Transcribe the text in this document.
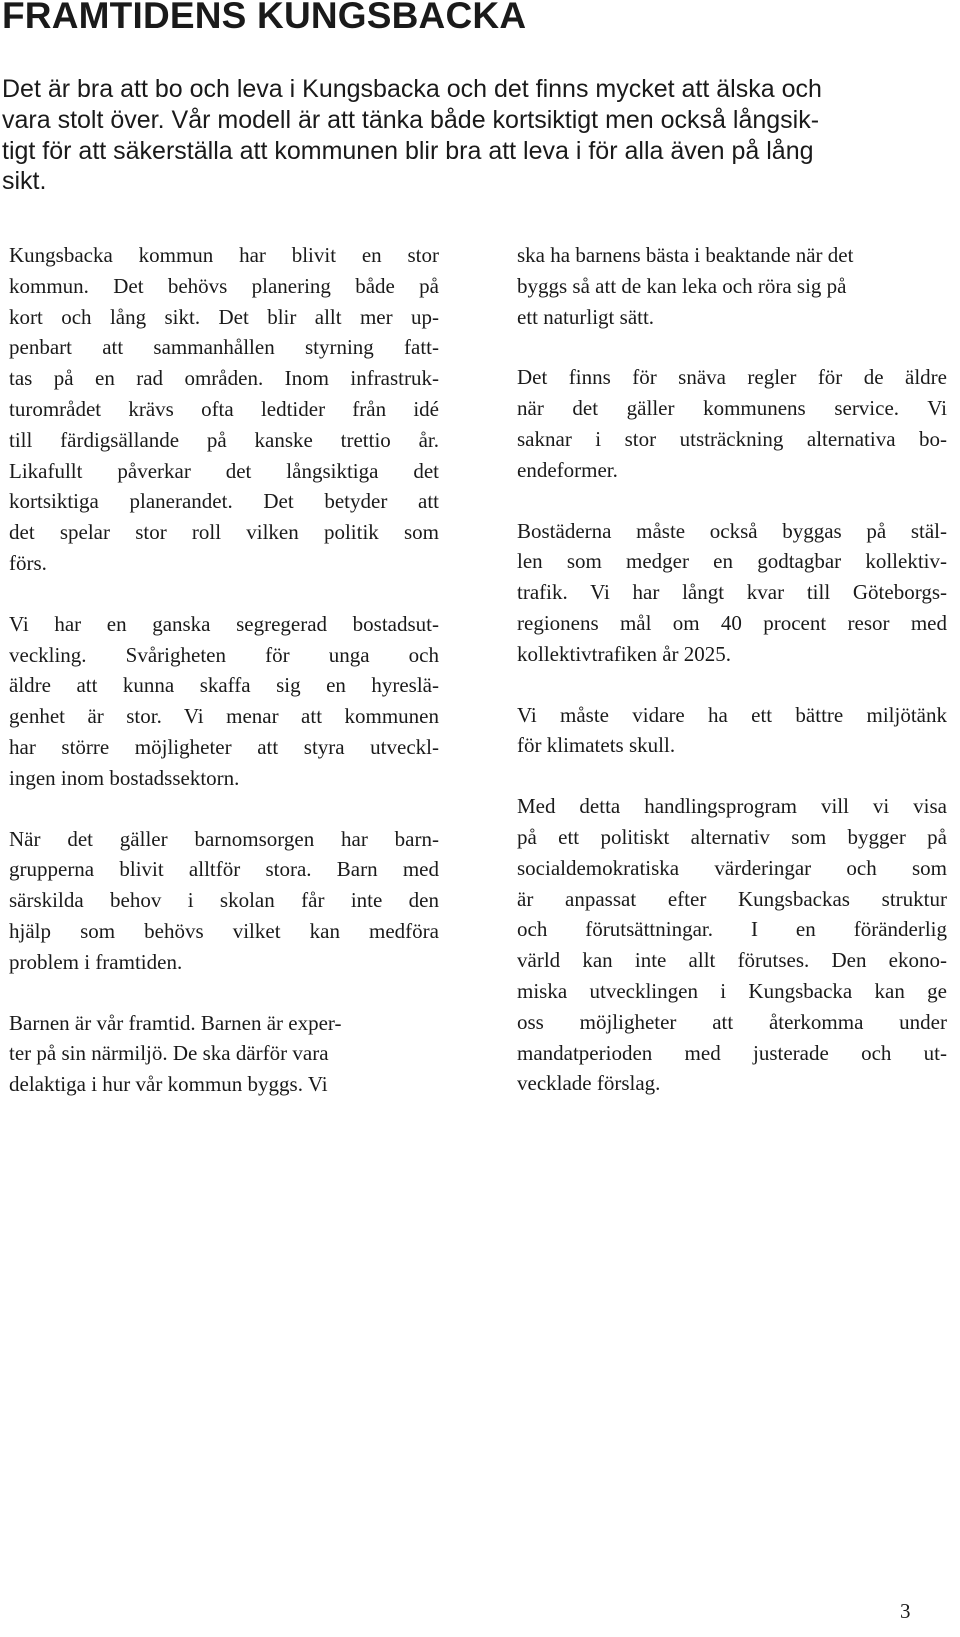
FRAMTIDENS KUNGSBACKA
Det är bra att bo och leva i Kungsbacka och det finns mycket att älska och
vara stolt över. Vår modell är att tänka både kortsiktigt men också långsik-
tigt för att säkerställa att kommunen blir bra att leva i för alla även på lång
sikt.

Kungsbacka kommun har blivit en stor
kommun. Det behövs planering både på
kort och lång sikt. Det blir allt mer up-
penbart att sammanhållen styrning fatt-
tas på en rad områden. Inom infrastruk-
turområdet krävs ofta ledtider från idé
till färdigsällande på kanske trettio år.
Likafullt påverkar det långsiktiga det
kortsiktiga planerandet. Det betyder att
det spelar stor roll vilken politik som
förs.

Vi har en ganska segregerad bostadsut-
veckling. Svårigheten för unga och
äldre att kunna skaffa sig en hyreslä-
genhet är stor. Vi menar att kommunen
har större möjligheter att styra utveckl-
ingen inom bostadssektorn.

När det gäller barnomsorgen har barn-
grupperna blivit alltför stora. Barn med
särskilda behov i skolan får inte den
hjälp som behövs vilket kan medföra
problem i framtiden.

Barnen är vår framtid. Barnen är exper-
ter på sin närmiljö. De ska därför vara
delaktiga i hur vår kommun byggs. Vi

ska ha barnens bästa i beaktande när det
byggs så att de kan leka och röra sig på
ett naturligt sätt.

Det finns för snäva regler för de äldre
när det gäller kommunens service. Vi
saknar i stor utsträckning alternativa bo-
endeformer.

Bostäderna måste också byggas på stäl-
len som medger en godtagbar kollektiv-
trafik. Vi har långt kvar till Göteborgs-
regionens mål om 40 procent resor med
kollektivtrafiken år 2025.

Vi måste vidare ha ett bättre miljötänk
för klimatets skull.

Med detta handlingsprogram vill vi visa
på ett politiskt alternativ som bygger på
socialdemokratiska värderingar och som
är anpassat efter Kungsbackas struktur
och förutsättningar. I en föränderlig
värld kan inte allt förutses. Den ekono-
miska utvecklingen i Kungsbacka kan ge
oss möjligheter att återkomma under
mandatperioden med justerade och ut-
vecklade förslag.

3
